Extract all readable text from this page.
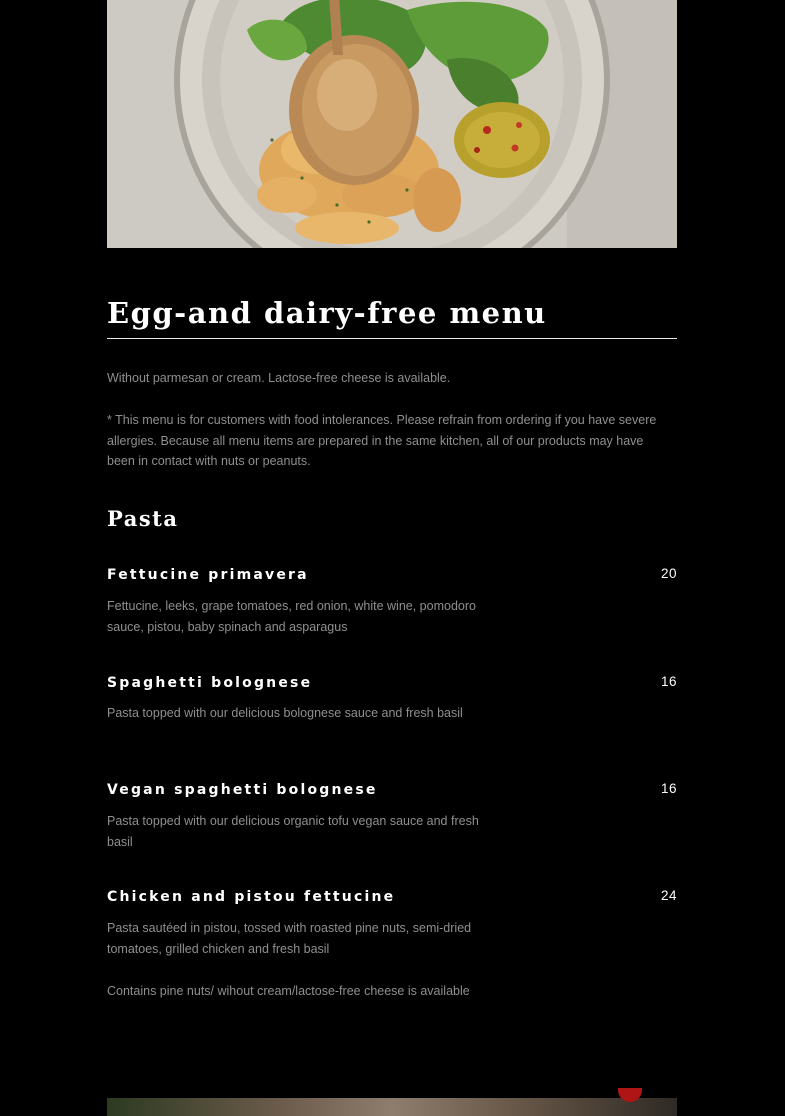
Egg-and dairy-free menu

Without parmesan or cream. Lactose-free cheese is available.

* This menu is for customers with food intolerances. Please refrain from ordering if you have severe allergies. Because all menu items are prepared in the same kitchen, all of our products may have been in contact with nuts or peanuts.

Pasta

Fettucine primavera	20

Fettucine, leeks, grape tomatoes, red onion, white wine, pomodoro sauce, pistou, baby spinach and asparagus

Spaghetti bolognese	16

Pasta topped with our delicious bolognese sauce and fresh basil

Vegan spaghetti bolognese	16

Pasta topped with our delicious organic tofu vegan sauce and fresh basil

Chicken and pistou fettucine	24

Pasta sautéed in pistou, tossed with roasted pine nuts, semi-dried tomatoes, grilled chicken and fresh basil

Contains pine nuts/ wihout cream/lactose-free cheese is available
